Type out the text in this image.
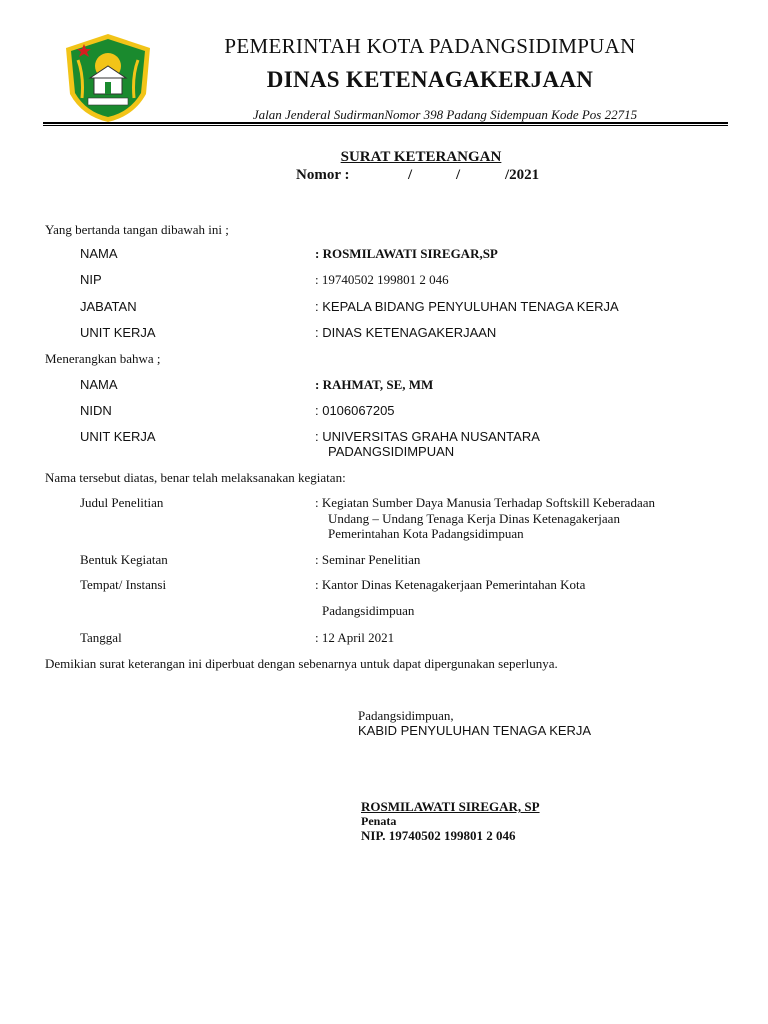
PEMERINTAH KOTA PADANGSIDIMPUAN
DINAS KETENAGAKERJAAN
Jalan Jenderal SudirmanNomor 398 Padang Sidempuan Kode Pos 22715
SURAT KETERANGAN
Nomor :	/	/	/2021
Yang bertanda tangan dibawah ini ;
NAMA	: ROSMILAWATI SIREGAR,SP
NIP	: 19740502 199801 2 046
JABATAN	: KEPALA BIDANG PENYULUHAN TENAGA KERJA
UNIT KERJA	: DINAS KETENAGAKERJAAN
Menerangkan bahwa ;
NAMA	: RAHMAT, SE, MM
NIDN	: 0106067205
UNIT KERJA	: UNIVERSITAS GRAHA NUSANTARA
PADANGSIDIMPUAN
Nama tersebut diatas, benar telah melaksanakan kegiatan:
Judul Penelitian	: Kegiatan Sumber Daya Manusia Terhadap Softskill Keberadaan
Undang – Undang Tenaga Kerja Dinas Ketenagakerjaan
Pemerintahan Kota Padangsidimpuan
Bentuk Kegiatan	: Seminar Penelitian
Tempat/ Instansi	: Kantor Dinas Ketenagakerjaan Pemerintahan Kota
Padangsidimpuan
Tanggal	: 12 April 2021
Demikian surat keterangan ini diperbuat dengan sebenarnya untuk dapat dipergunakan seperlunya.
Padangsidimpuan,
KABID PENYULUHAN TENAGA KERJA
ROSMILAWATI SIREGAR, SP
Penata
NIP. 19740502 199801 2 046
